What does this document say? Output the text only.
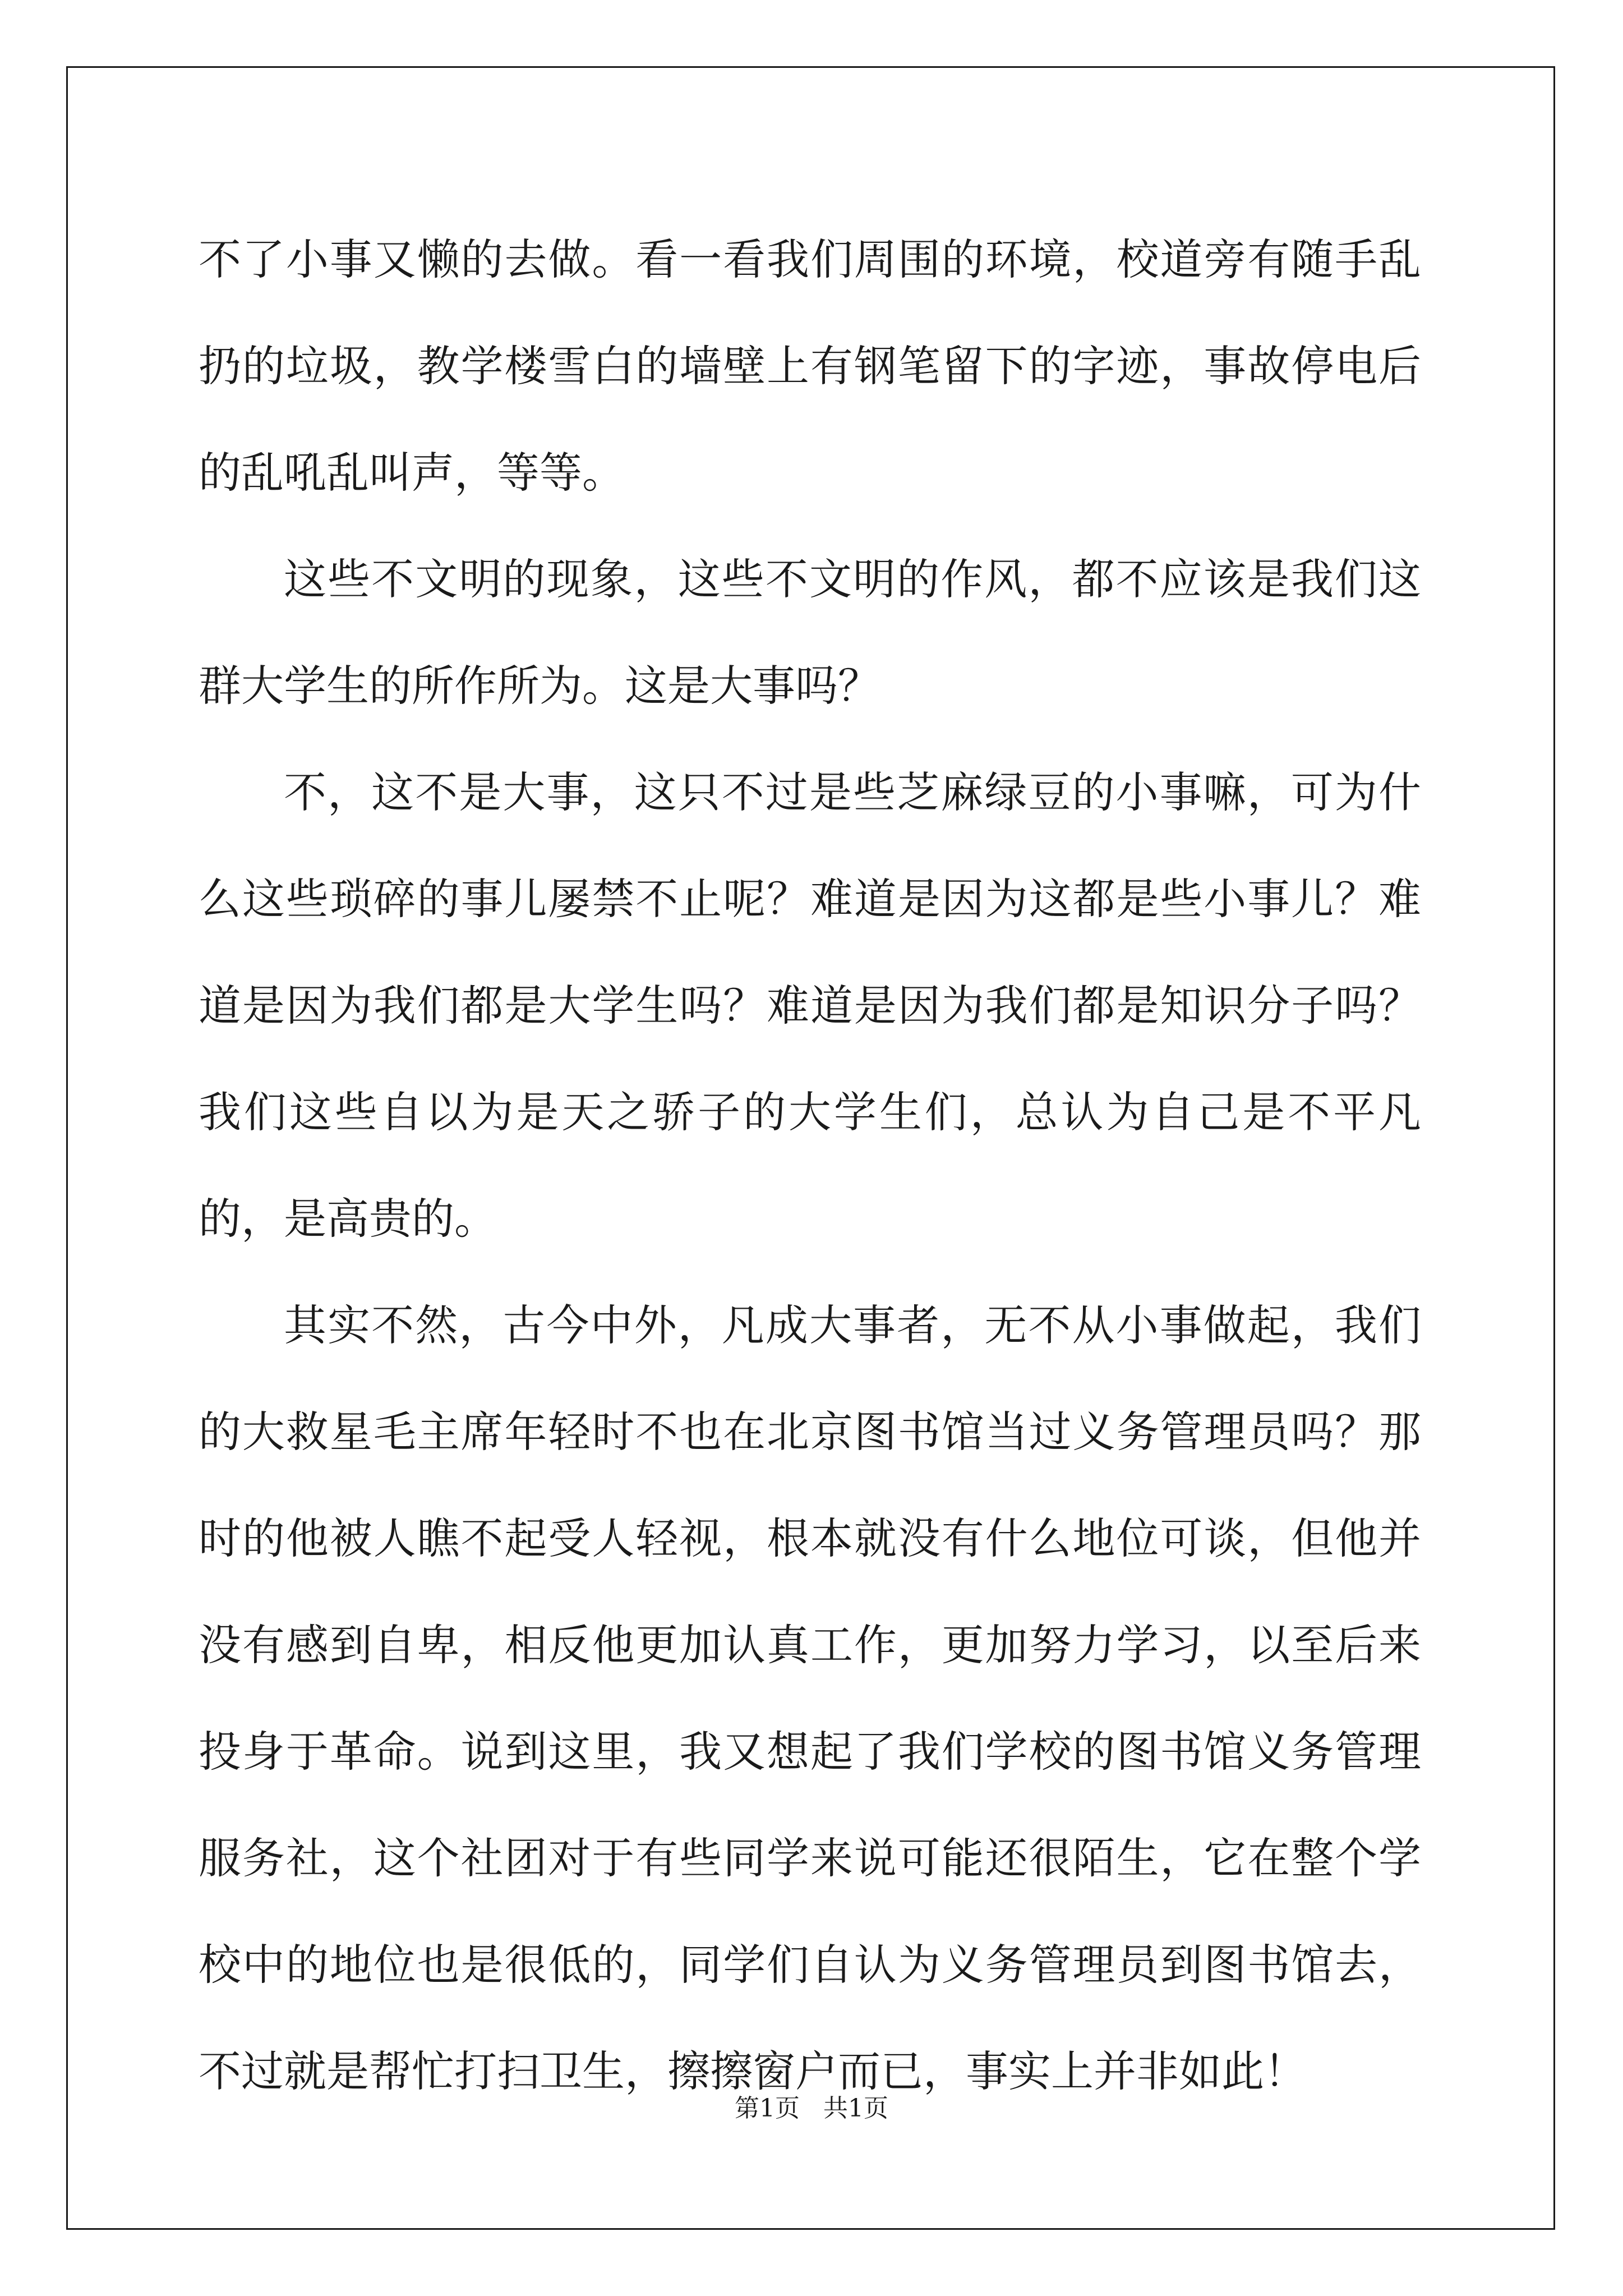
不了小事又懒的去做。看一看我们周围的环境，校道旁有随手乱扔的垃圾，教学楼雪白的墙壁上有钢笔留下的字迹，事故停电后的乱吼乱叫声，等等。

这些不文明的现象，这些不文明的作风，都不应该是我们这群大学生的所作所为。这是大事吗？

不，这不是大事，这只不过是些芝麻绿豆的小事嘛，可为什么这些琐碎的事儿屡禁不止呢？难道是因为这都是些小事儿？难道是因为我们都是大学生吗？难道是因为我们都是知识分子吗？我们这些自以为是天之骄子的大学生们，总认为自己是不平凡的，是高贵的。

其实不然，古今中外，凡成大事者，无不从小事做起，我们的大救星毛主席年轻时不也在北京图书馆当过义务管理员吗？那时的他被人瞧不起受人轻视，根本就没有什么地位可谈，但他并没有感到自卑，相反他更加认真工作，更加努力学习，以至后来投身于革命。说到这里，我又想起了我们学校的图书馆义务管理服务社，这个社团对于有些同学来说可能还很陌生，它在整个学校中的地位也是很低的，同学们自认为义务管理员到图书馆去，不过就是帮忙打扫卫生，擦擦窗户而已，事实上并非如此！

第1页   共1页
